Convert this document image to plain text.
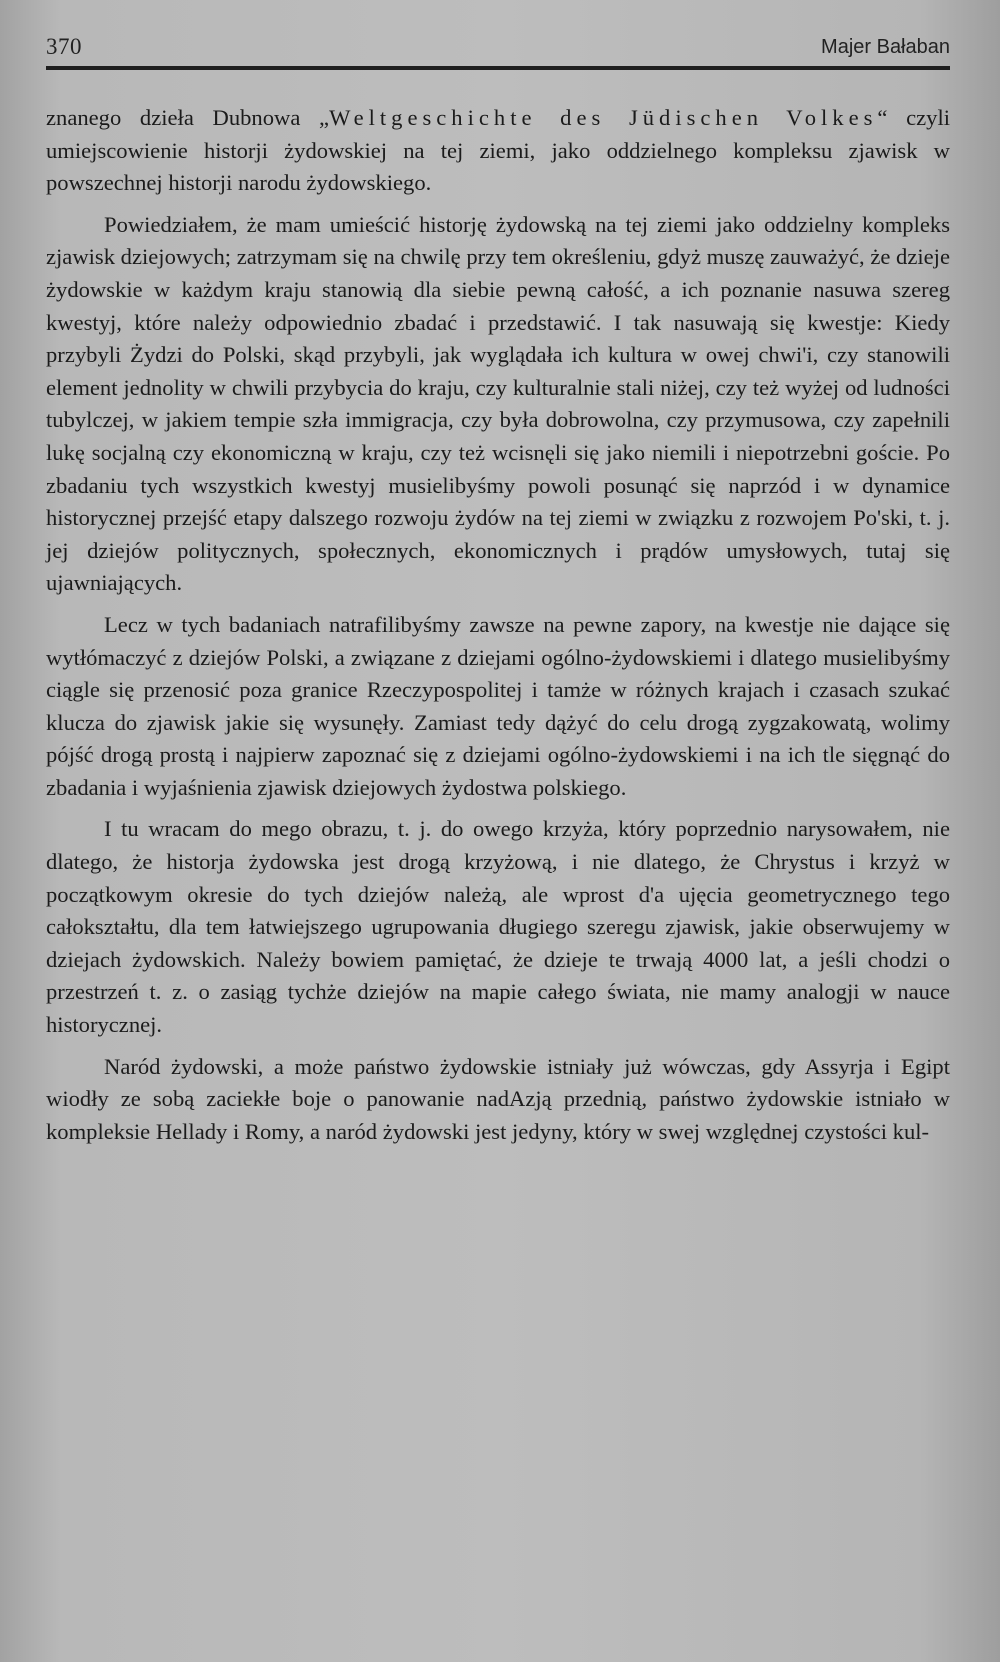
370	Majer Bałaban

znanego dzieła Dubnowa „Weltgeschichte des Jüdischen Volkes“ czyli umiejscowienie historji żydowskiej na tej ziemi, jako oddzielnego kompleksu zjawisk w powszechnej historji narodu żydowskiego.

Powiedziałem, że mam umieścić historję żydowską na tej ziemi jako oddzielny kompleks zjawisk dziejowych; zatrzymam się na chwilę przy tem określeniu, gdyż muszę zauważyć, że dzieje żydowskie w każdym kraju stanowią dla siebie pewną całość, a ich poznanie nasuwa szereg kwestyj, które należy odpowiednio zbadać i przedstawić. I tak nasuwają się kwestje: Kiedy przybyli Żydzi do Polski, skąd przybyli, jak wyglądała ich kultura w owej chwi'i, czy stanowili element jednolity w chwili przybycia do kraju, czy kulturalnie stali niżej, czy też wyżej od ludności tubylczej, w jakiem tempie szła immigracja, czy była dobrowolna, czy przymusowa, czy zapełnili lukę socjalną czy ekonomiczną w kraju, czy też wcisnęli się jako niemili i niepotrzebni goście. Po zbadaniu tych wszystkich kwestyj musielibyśmy powoli posunąć się naprzód i w dynamice historycznej przejść etapy dalszego rozwoju żydów na tej ziemi w związku z rozwojem Po'ski, t. j. jej dziejów politycznych, społecznych, ekonomicznych i prądów umysłowych, tutaj się ujawniających.

Lecz w tych badaniach natrafilibyśmy zawsze na pewne zapory, na kwestje nie dające się wytłómaczyć z dziejów Polski, a związane z dziejami ogólno-żydowskiemi i dlatego musielibyśmy ciągle się przenosić poza granice Rzeczypospolitej i tamże w różnych krajach i czasach szukać klucza do zjawisk jakie się wysunęły. Zamiast tedy dążyć do celu drogą zygzakowatą, wolimy pójść drogą prostą i najpierw zapoznać się z dziejami ogólno-żydowskiemi i na ich tle sięgnąć do zbadania i wyjaśnienia zjawisk dziejowych żydostwa polskiego.

I tu wracam do mego obrazu, t. j. do owego krzyża, który poprzednio narysowałem, nie dlatego, że historja żydowska jest drogą krzyżową, i nie dlatego, że Chrystus i krzyż w początkowym okresie do tych dziejów należą, ale wprost d'a ujęcia geometrycznego tego całokształtu, dla tem łatwiejszego ugrupowania długiego szeregu zjawisk, jakie obserwujemy w dziejach żydowskich. Należy bowiem pamiętać, że dzieje te trwają 4000 lat, a jeśli chodzi o przestrzeń t. z. o zasiąg tychże dziejów na mapie całego świata, nie mamy analogji w nauce historycznej.

Naród żydowski, a może państwo żydowskie istniały już wówczas, gdy Assyrja i Egipt wiodły ze sobą zaciekłe boje o panowanie nadAzją przednią, państwo żydowskie istniało w kompleksie Hellady i Romy, a naród żydowski jest jedyny, który w swej względnej czystości kul-
